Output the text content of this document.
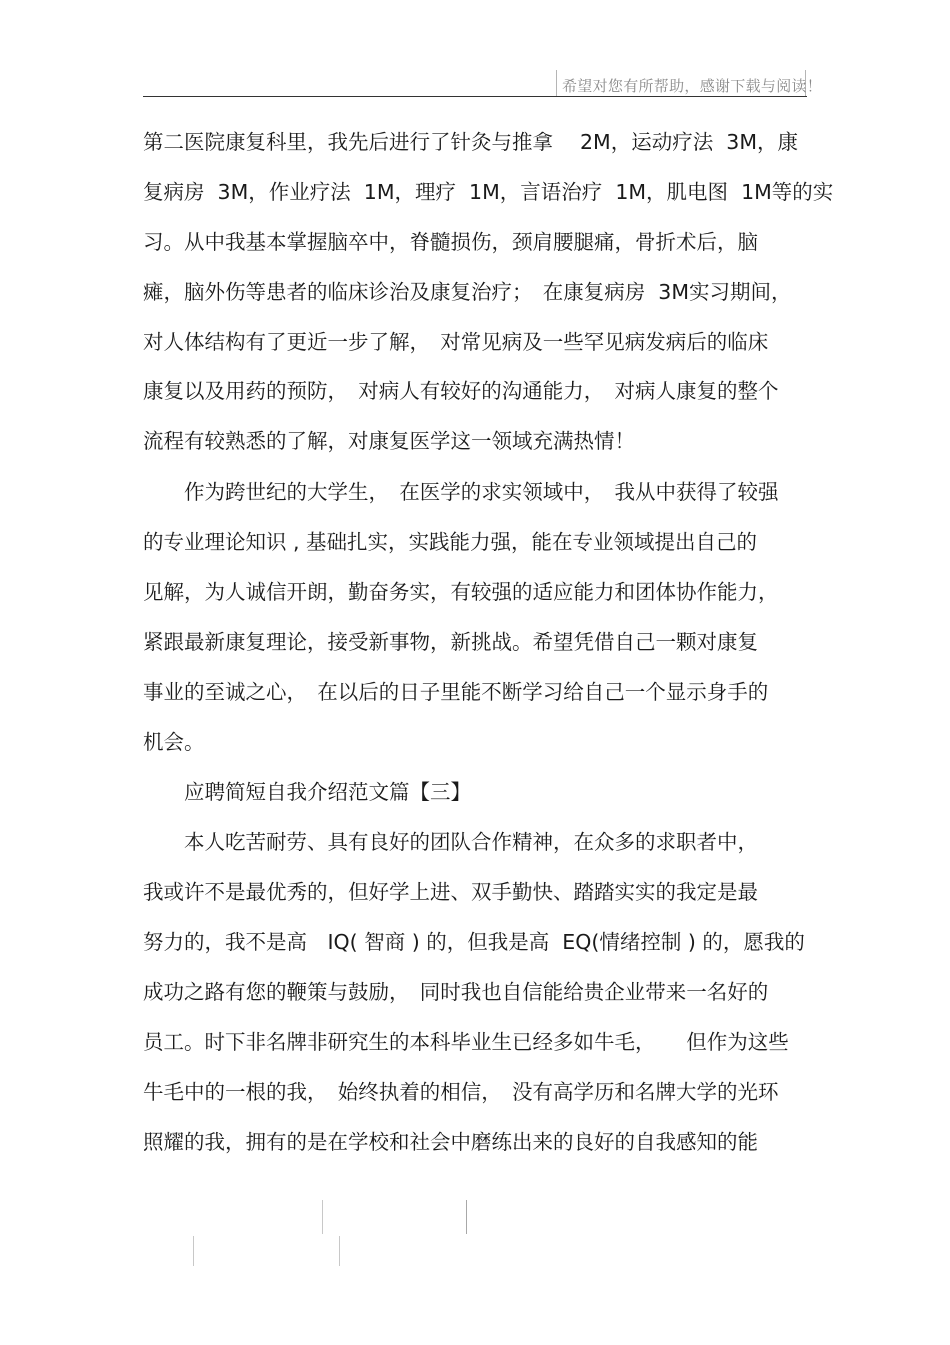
希望对您有所帮助，感谢下载与阅读！
第二医院康复科里，我先后进行了针灸与推拿　 2M，运动疗法  3M，康
复病房  3M，作业疗法  1M，理疗  1M，言语治疗  1M，肌电图  1M等的实
习。从中我基本掌握脑卒中，脊髓损伤，颈肩腰腿痛，骨折术后，脑
瘫，脑外伤等患者的临床诊治及康复治疗；　在康复病房  3M实习期间，
对人体结构有了更近一步了解，　对常见病及一些罕见病发病后的临床
康复以及用药的预防，　对病人有较好的沟通能力，　对病人康复的整个
流程有较熟悉的了解，对康复医学这一领域充满热情！
　　作为跨世纪的大学生，　在医学的求实领域中，　我从中获得了较强
的专业理论知识 , 基础扎实，实践能力强，能在专业领域提出自己的
见解，为人诚信开朗，勤奋务实，有较强的适应能力和团体协作能力，
紧跟最新康复理论，接受新事物，新挑战。希望凭借自己一颗对康复
事业的至诚之心，　在以后的日子里能不断学习给自己一个显示身手的
机会。
　　应聘简短自我介绍范文篇【三】
　　本人吃苦耐劳、具有良好的团队合作精神，在众多的求职者中，
我或许不是最优秀的，但好学上进、双手勤快、踏踏实实的我定是最
努力的，我不是高　IQ( 智商 ) 的，但我是高  EQ(情绪控制 ) 的，愿我的
成功之路有您的鞭策与鼓励，　同时我也自信能给贵企业带来一名好的
员工。时下非名牌非研究生的本科毕业生已经多如牛毛，　　但作为这些
牛毛中的一根的我，　始终执着的相信，　没有高学历和名牌大学的光环
照耀的我，拥有的是在学校和社会中磨练出来的良好的自我感知的能
